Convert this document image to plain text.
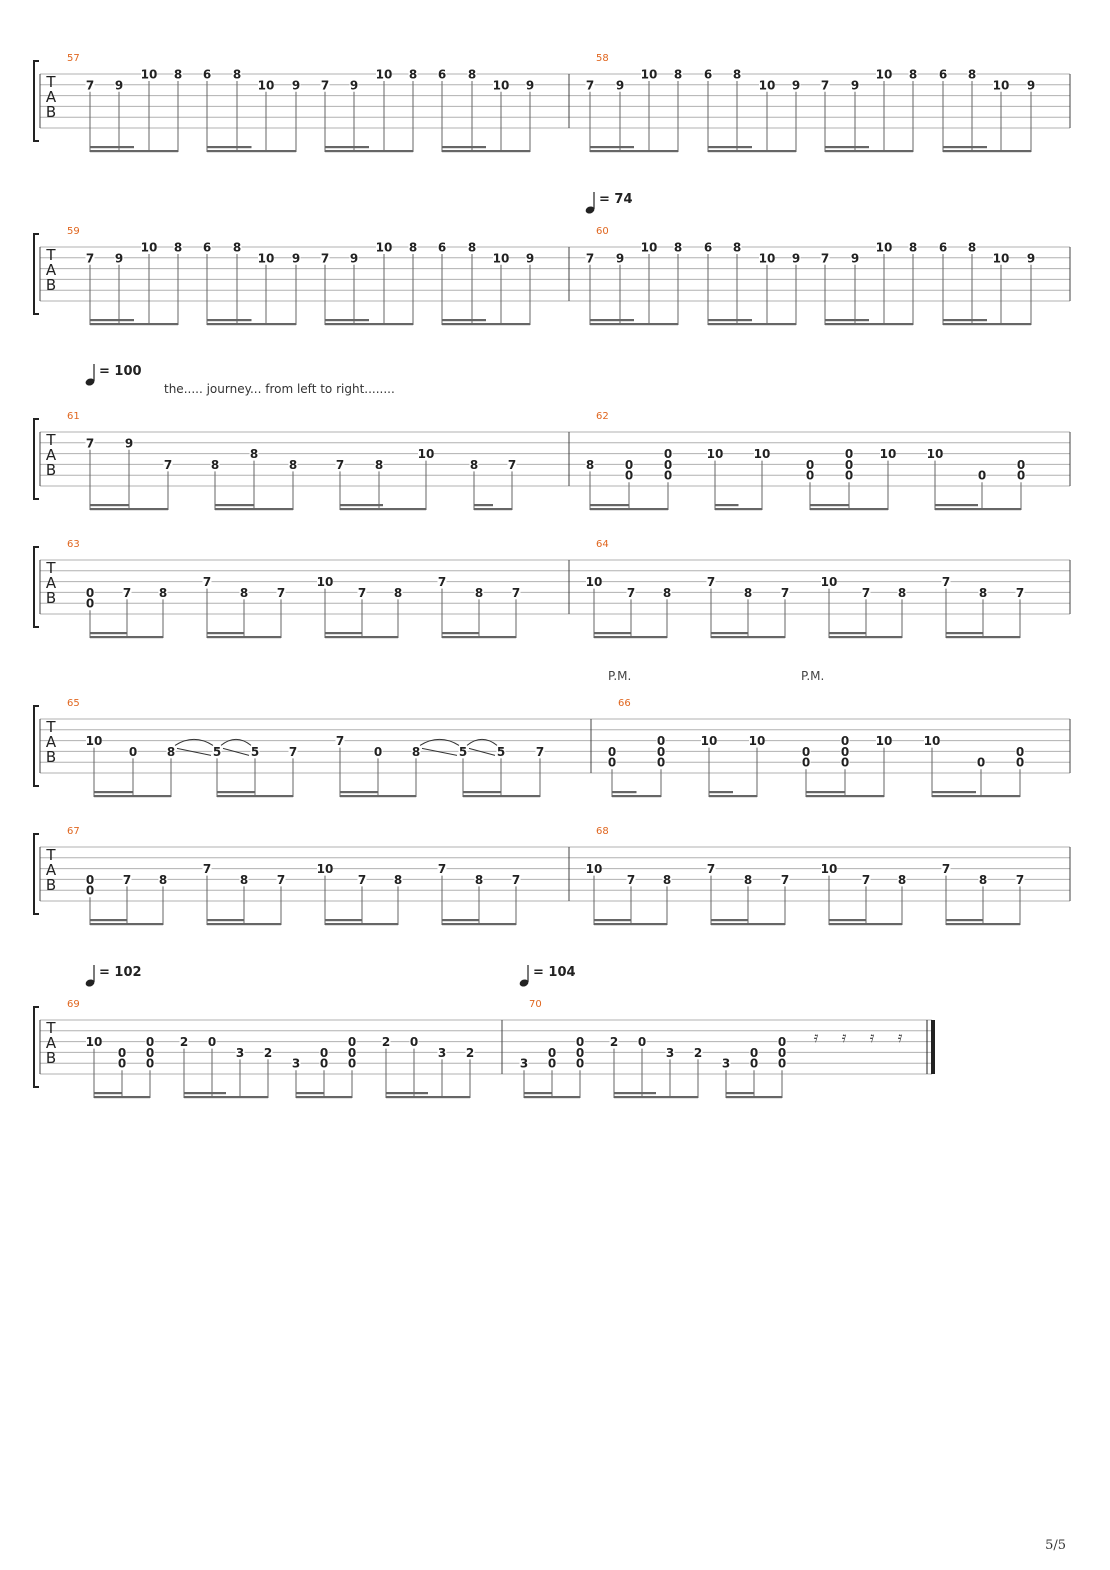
T
A
B
57
7 9
10 8 6 8
10 9 7 9
10 8 6 8
10 9
58
7 9
10 8 6 8
10 9 7 9
10 8 6 8
10 9
T
A
B
59
7 9
10 8 6 8
10 9 7 9
10 8 6 8
10 9
60
7 9
10 8 6 8
10 9 7 9
10 8 6 8
10 9
T
A
B
61
7	9
7	8
8
8	7	8
10
8 7
62
8	0
0
0
0
0
10	10
0
0
0
0
0
10	10
0
0
0
T
A
B
63
0
0
7 8
7
8 7
10
7 8
7
8 7
64
10
7 8
7
8 7
10
7 8
7
8 7
T
A
B
65
10
0 8	5 5 7
7
0 8	5 5	7
66
0
0
0
0
0
10	10
0
0
0
0
0
10	10
0
0
0
T
A
B
67
0
0
7 8
7
8 7
10
7 8
7
8 7
68
10
7 8
7
8 7
10
7 8
7
8 7
T
A
B
69
10
0
0
0
0
0
2 0
3 2
3
0
0
0
0
0
2 0
3 2
70
3
0
0
0
0
0
2 0
3 2
3
0
0
0
0
0
𝄿 𝄿 𝄿 𝄿
= 74
= 100
= 102	= 104
the..... journey... from left to right........
P.M.	P.M.
5/5
